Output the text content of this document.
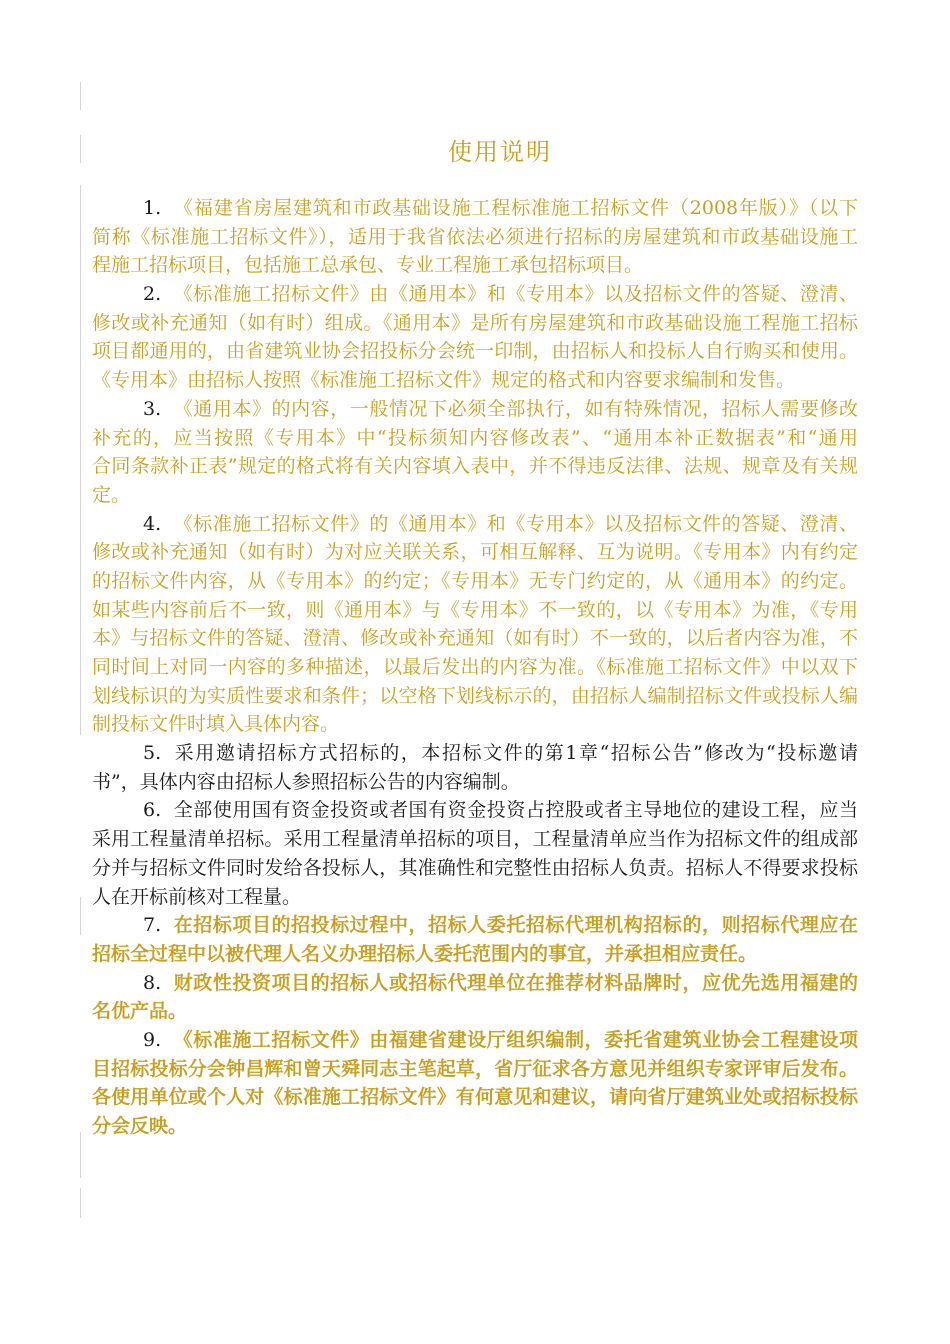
使用说明
1. 《福建省房屋建筑和市政基础设施工程标准施工招标文件（2008年版）》（以下
简称《标准施工招标文件》），适用于我省依法必须进行招标的房屋建筑和市政基础设施工
程施工招标项目，包括施工总承包、专业工程施工承包招标项目。
2. 《标准施工招标文件》由《通用本》和《专用本》以及招标文件的答疑、澄清、
修改或补充通知（如有时）组成。《通用本》是所有房屋建筑和市政基础设施工程施工招标
项目都通用的，由省建筑业协会招投标分会统一印制，由招标人和投标人自行购买和使用。
《专用本》由招标人按照《标准施工招标文件》规定的格式和内容要求编制和发售。
3. 《通用本》的内容，一般情况下必须全部执行，如有特殊情况，招标人需要修改
补充的，应当按照《专用本》中“投标须知内容修改表”、“通用本补正数据表”和“通用
合同条款补正表”规定的格式将有关内容填入表中，并不得违反法律、法规、规章及有关规
定。
4. 《标准施工招标文件》的《通用本》和《专用本》以及招标文件的答疑、澄清、
修改或补充通知（如有时）为对应关联关系，可相互解释、互为说明。《专用本》内有约定
的招标文件内容，从《专用本》的约定；《专用本》无专门约定的，从《通用本》的约定。
如某些内容前后不一致，则《通用本》与《专用本》不一致的，以《专用本》为准，《专用
本》与招标文件的答疑、澄清、修改或补充通知（如有时）不一致的，以后者内容为准，不
同时间上对同一内容的多种描述，以最后发出的内容为准。《标准施工招标文件》中以双下
划线标识的为实质性要求和条件；以空格下划线标示的，由招标人编制招标文件或投标人编
制投标文件时填入具体内容。
5. 采用邀请招标方式招标的，本招标文件的第1章“招标公告”修改为“投标邀请
书”，具体内容由招标人参照招标公告的内容编制。
6. 全部使用国有资金投资或者国有资金投资占控股或者主导地位的建设工程，应当
采用工程量清单招标。采用工程量清单招标的项目，工程量清单应当作为招标文件的组成部
分并与招标文件同时发给各投标人，其准确性和完整性由招标人负责。招标人不得要求投标
人在开标前核对工程量。
7. 在招标项目的招投标过程中，招标人委托招标代理机构招标的，则招标代理应在
招标全过程中以被代理人名义办理招标人委托范围内的事宜，并承担相应责任。
8. 财政性投资项目的招标人或招标代理单位在推荐材料品牌时，应优先选用福建的
名优产品。
9. 《标准施工招标文件》由福建省建设厅组织编制，委托省建筑业协会工程建设项
目招标投标分会钟昌辉和曾天舜同志主笔起草，省厅征求各方意见并组织专家评审后发布。
各使用单位或个人对《标准施工招标文件》有何意见和建议，请向省厅建筑业处或招标投标
分会反映。
